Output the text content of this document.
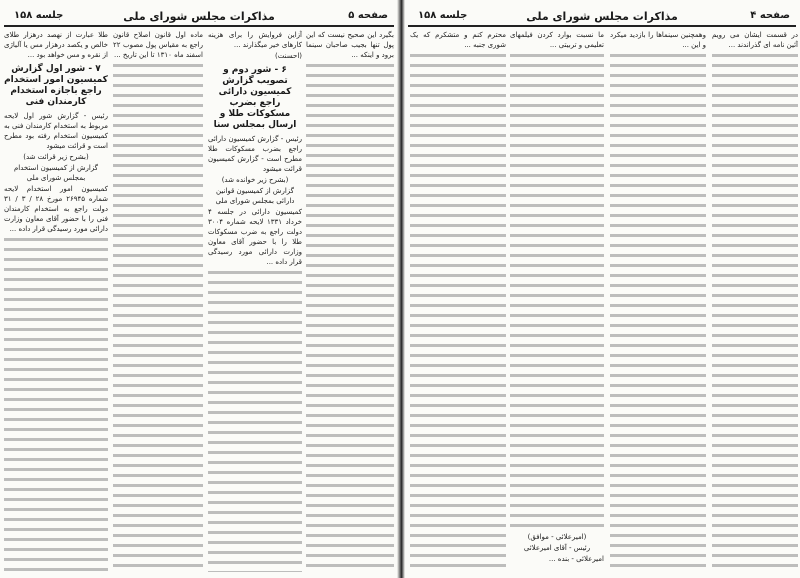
صفحه ۵
مذاکرات مجلس شورای ملی
جلسه ۱۵۸

بگیرد این صحیح نیست که این پول تنها بجیب صاحبان سینما برود و اینکه ...

آزاین فروایش را برای هزینه کارهای خیر میگذارند ...

(احسنت)

۶ - شور دوم و تصویب گزارش کمیسیون دارائی راجع بضرب مسکوکات طلا و ارسال بمجلس سنا

رئیس - گزارش کمیسیون دارائی راجع بضرب مسکوکات طلا مطرح است - گزارش کمیسیون قرائت میشود

(بشرح زیر خوانده شد)

گزارش از کمیسیون قوانین دارائی بمجلس شورای ملی

کمیسیون دارائی در جلسه ۴ خرداد ۱۳۳۱ لایحه شماره ۳۰۰۴ دولت راجع به ضرب مسکوکات طلا را با حضور آقای معاون وزارت دارائی مورد رسیدگی قرار داده ...

ماده اول قانون اصلاح قانون راجع به مقیاس پول مصوب ۲۲ اسفند ماه ۱۳۱۰ تا این تاریخ ...

طلا عبارت از نهصد درهزار طلای خالص و یکصد درهزار مس یا آلیاژی از نقره و مس خواهد بود ...

۷ - شور اول گزارش کمیسیون امور استخدام راجع باجازه استخدام کارمندان فنی

رئیس - گزارش شور اول لایحه مربوط به استخدام کارمندان فنی به کمیسیون استخدام رفته بود مطرح است و قرائت میشود

(بشرح زیر قرائت شد)

گزارش از کمیسیون استخدام بمجلس شورای ملی

کمیسیون امور استخدام لایحه شماره ۲۶۹۴۵ مورخ ۲۸ / ۳ / ۳۱ دولت راجع به استخدام کارمندان فنی را با حضور آقای معاون وزارت دارائی مورد رسیدگی قرار داده ...

صفحه ۴
مذاکرات مجلس شورای ملی
جلسه ۱۵۸

در قسمت ایشان می رویم آئین نامه ای گذراندند ...

وهمچنین سینماها را بازدید میکرد و این ...

ما نسبت بوارد کردن فیلمهای تعلیمی و تربیتی ...

(امیرعلائی - موافق)

رئیس - آقای امیرعلائی

امیرعلائی - بنده ...

محترم کنم و متشکرم که یک شوری جنبه ...
